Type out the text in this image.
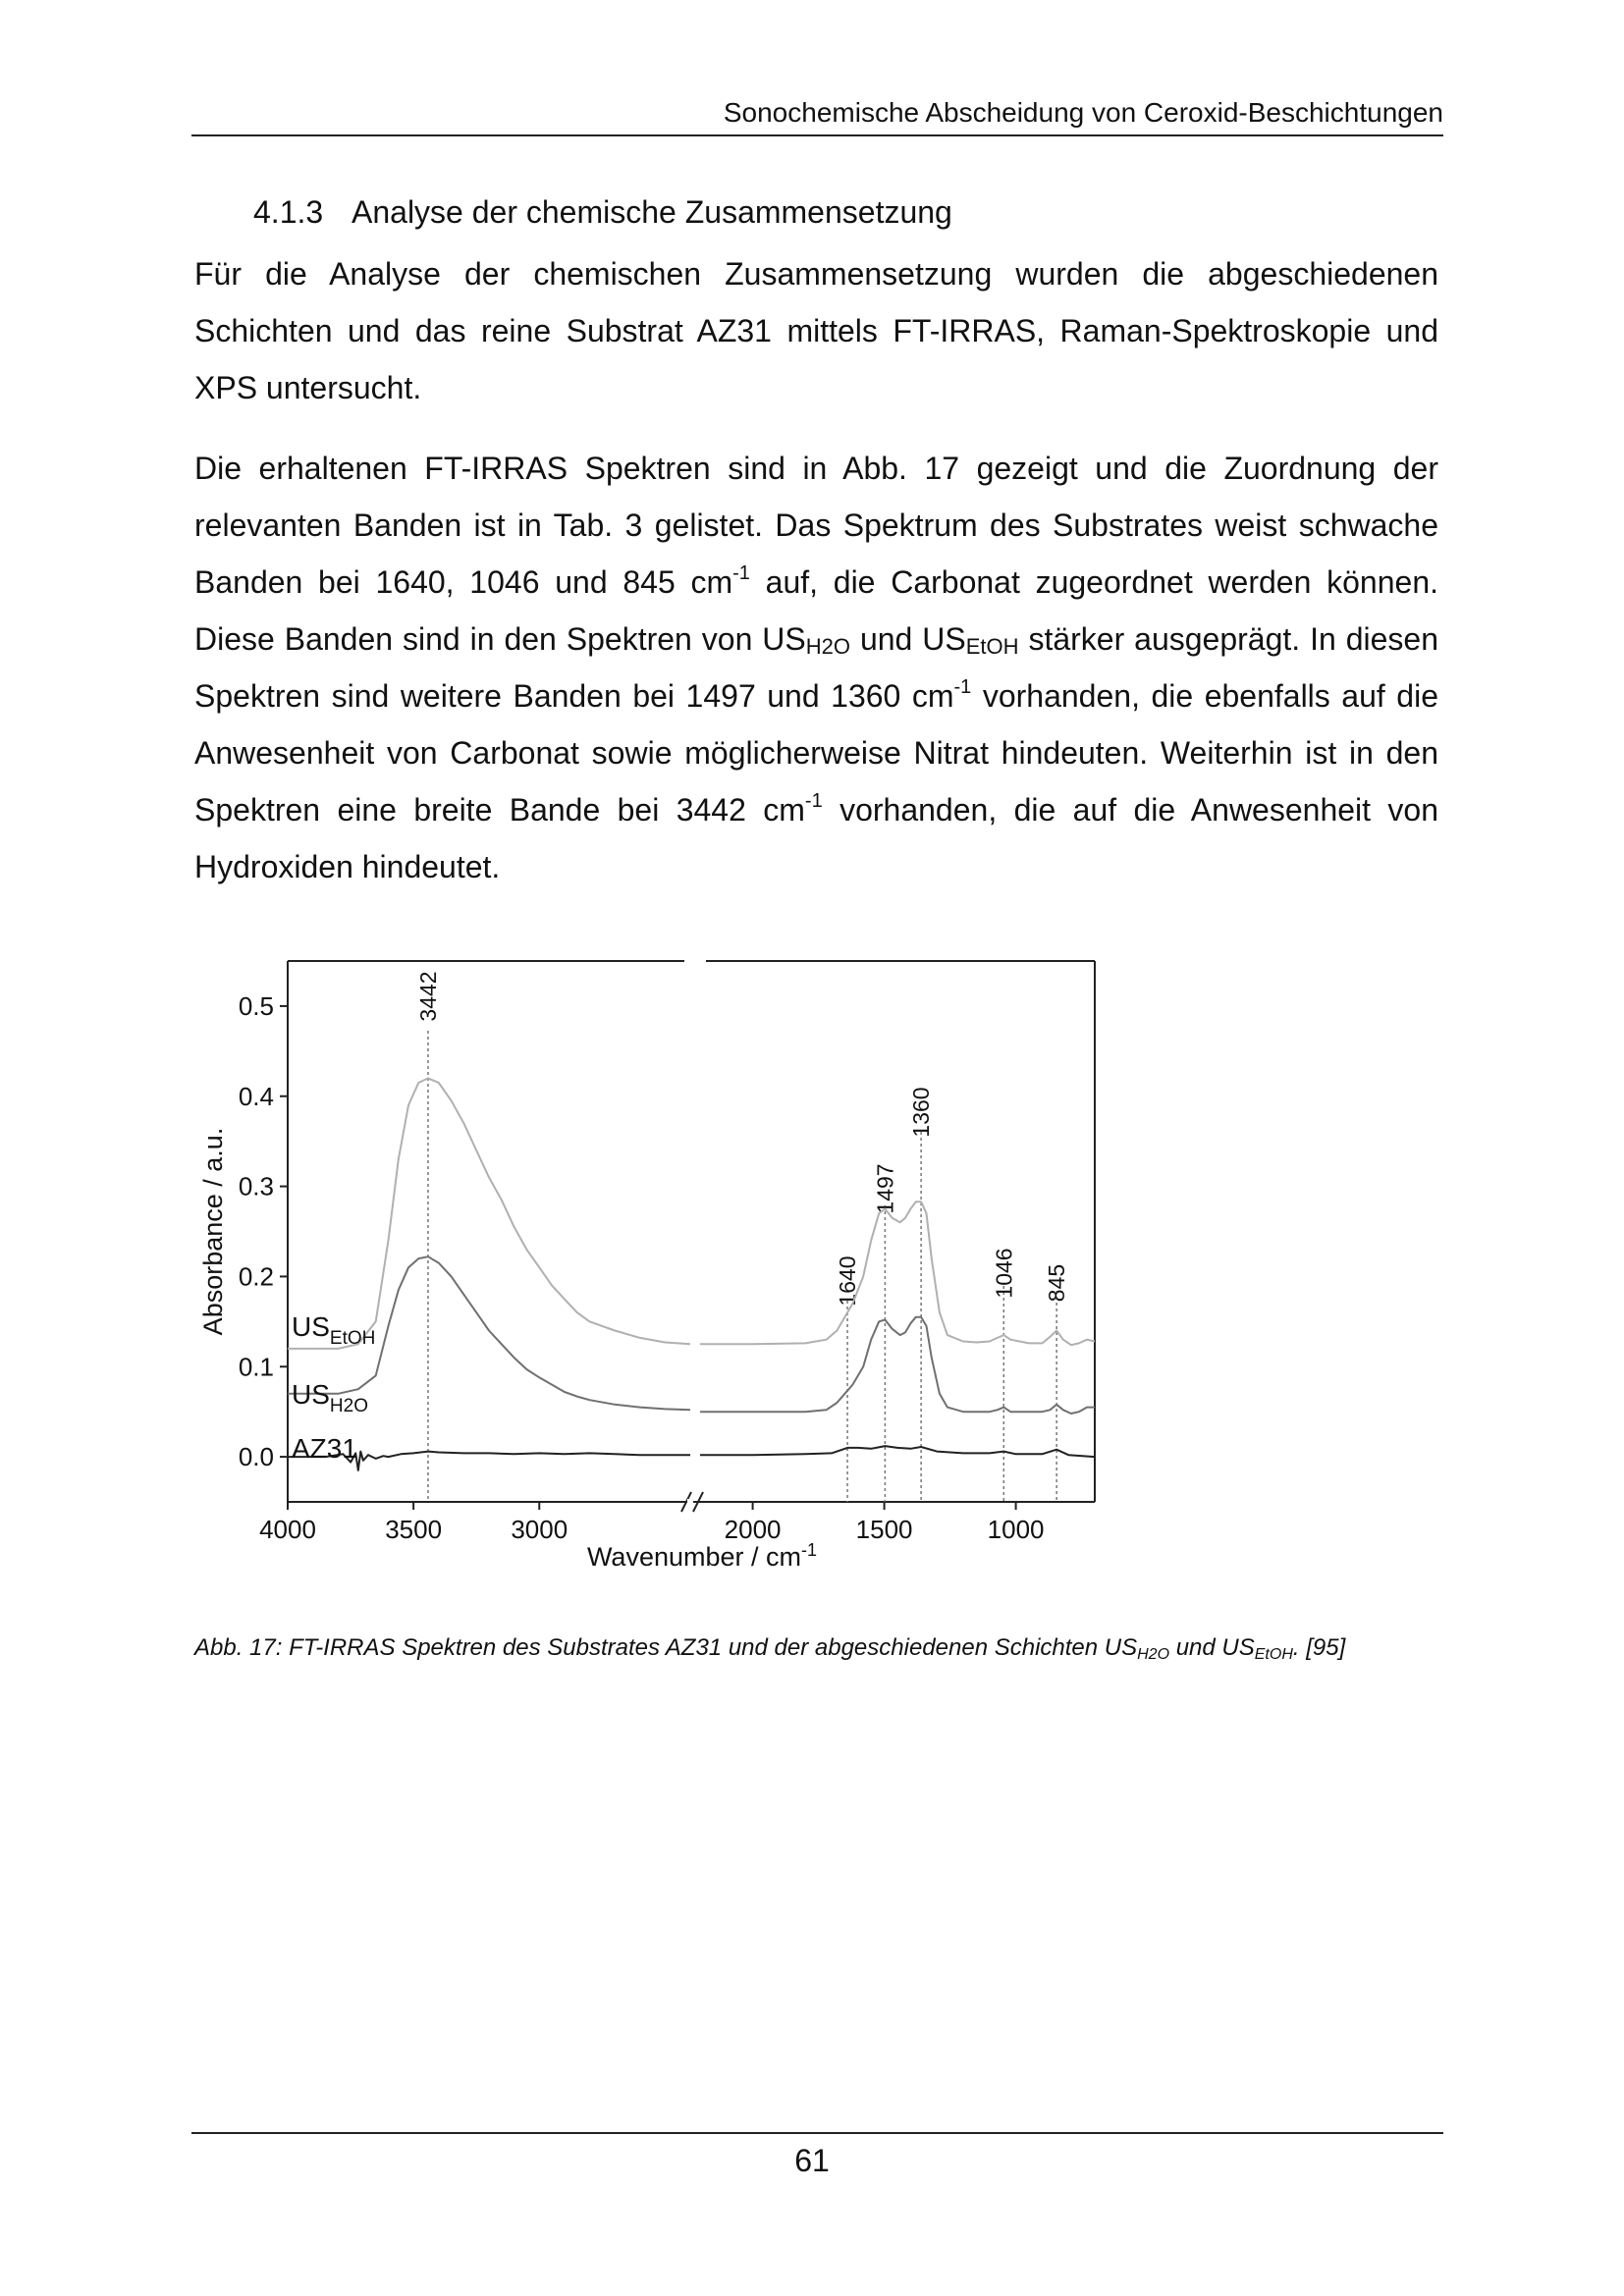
Sonochemische Abscheidung von Ceroxid-Beschichtungen
4.1.3 Analyse der chemische Zusammensetzung

Für die Analyse der chemischen Zusammensetzung wurden die abgeschiedenen Schichten und das reine Substrat AZ31 mittels FT-IRRAS, Raman-Spektroskopie und XPS untersucht.

Die erhaltenen FT-IRRAS Spektren sind in Abb. 17 gezeigt und die Zuordnung der relevanten Banden ist in Tab. 3 gelistet. Das Spektrum des Substrates weist schwache Banden bei 1640, 1046 und 845 $cm^{-1}$ auf, die Carbonat zugeordnet werden können. Diese Banden sind in den Spektren von $US_{H2O}$ und $US_{EtOH}$ stärker ausgeprägt. In diesen Spektren sind weitere Banden bei 1497 und 1360 $cm^{-1}$ vorhanden, die ebenfalls auf die Anwesenheit von Carbonat sowie möglicherweise Nitrat hindeuten. Weiterhin ist in den Spektren eine breite Bande bei 3442 $cm^{-1}$ vorhanden, die auf die Anwesenheit von Hydroxiden hindeutet.

0.0
0.1
0.2
0.3
0.4
0.5
4000	3500	3000	2000	1500	1000
Wavenumber / $cm^{-1}$
Absorbance / a.u.
3442
1640
1497
1360
1046 845
$US_{EtOH}$
$US_{H2O}$
AZ31
Abb. 17: FT-IRRAS Spektren des Substrates AZ31 und der abgeschiedenen Schichten $US_{H2O}$ und $US_{EtOH}$. [95]
61
